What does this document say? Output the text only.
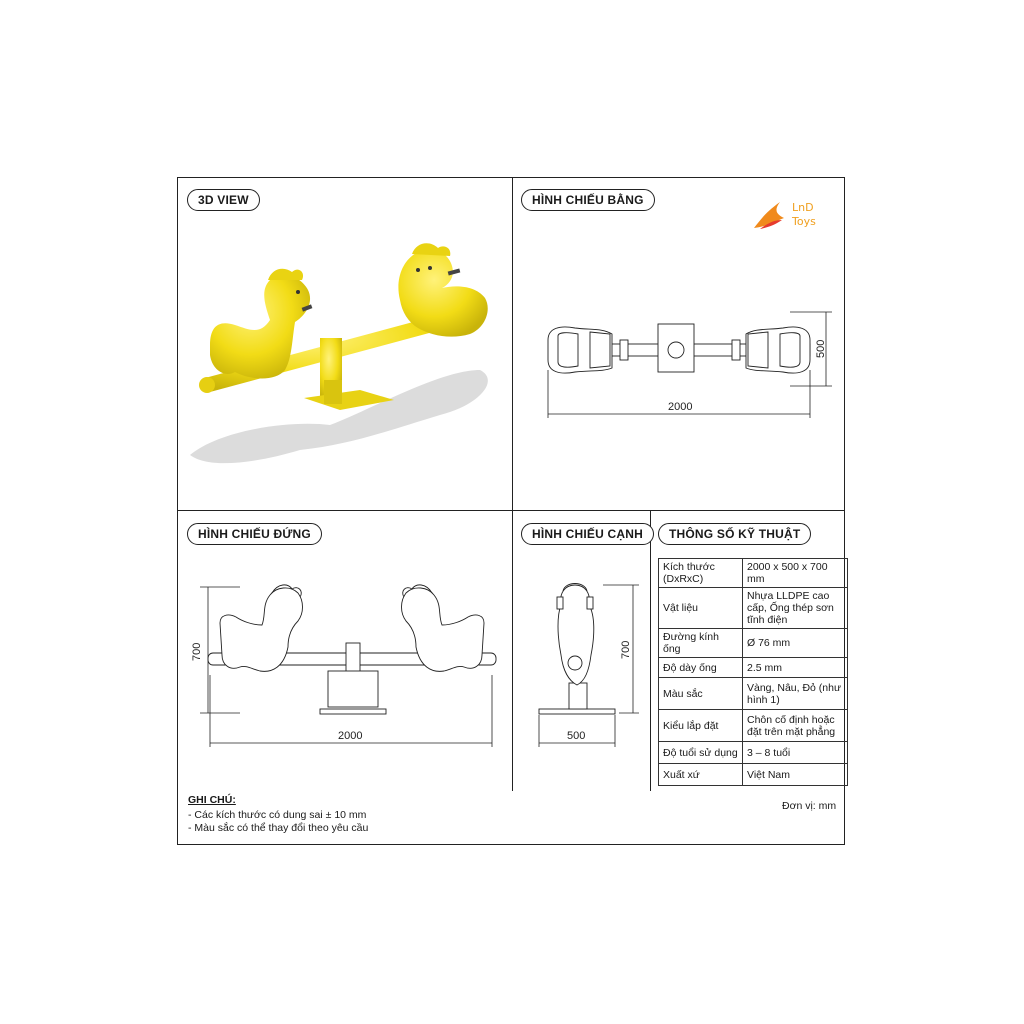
3D VIEW	HÌNH CHIẾU BẰNG
HÌNH CHIẾU ĐỨNG	HÌNH CHIẾU CẠNH	THÔNG SỐ KỸ THUẬT
LnD
Toys
2000
500
700
2000
700
500
Kích thước (DxRxC)	2000 x 500 x 700 mm
Vật liệu	Nhựa LLDPE cao cấp, Ống thép sơn tĩnh điện
Đường kính ống	Ø 76 mm
Độ dày ống	2.5 mm
Màu sắc	Vàng, Nâu, Đỏ (như hình 1)
Kiểu lắp đặt	Chôn cố định hoặc đặt trên mặt phẳng
Độ tuổi sử dụng	3 – 8 tuổi
Xuất xứ	Việt Nam
GHI CHÚ:
- Các kích thước có dung sai ± 10 mm
- Màu sắc có thể thay đổi theo yêu cầu
Đơn vị: mm
